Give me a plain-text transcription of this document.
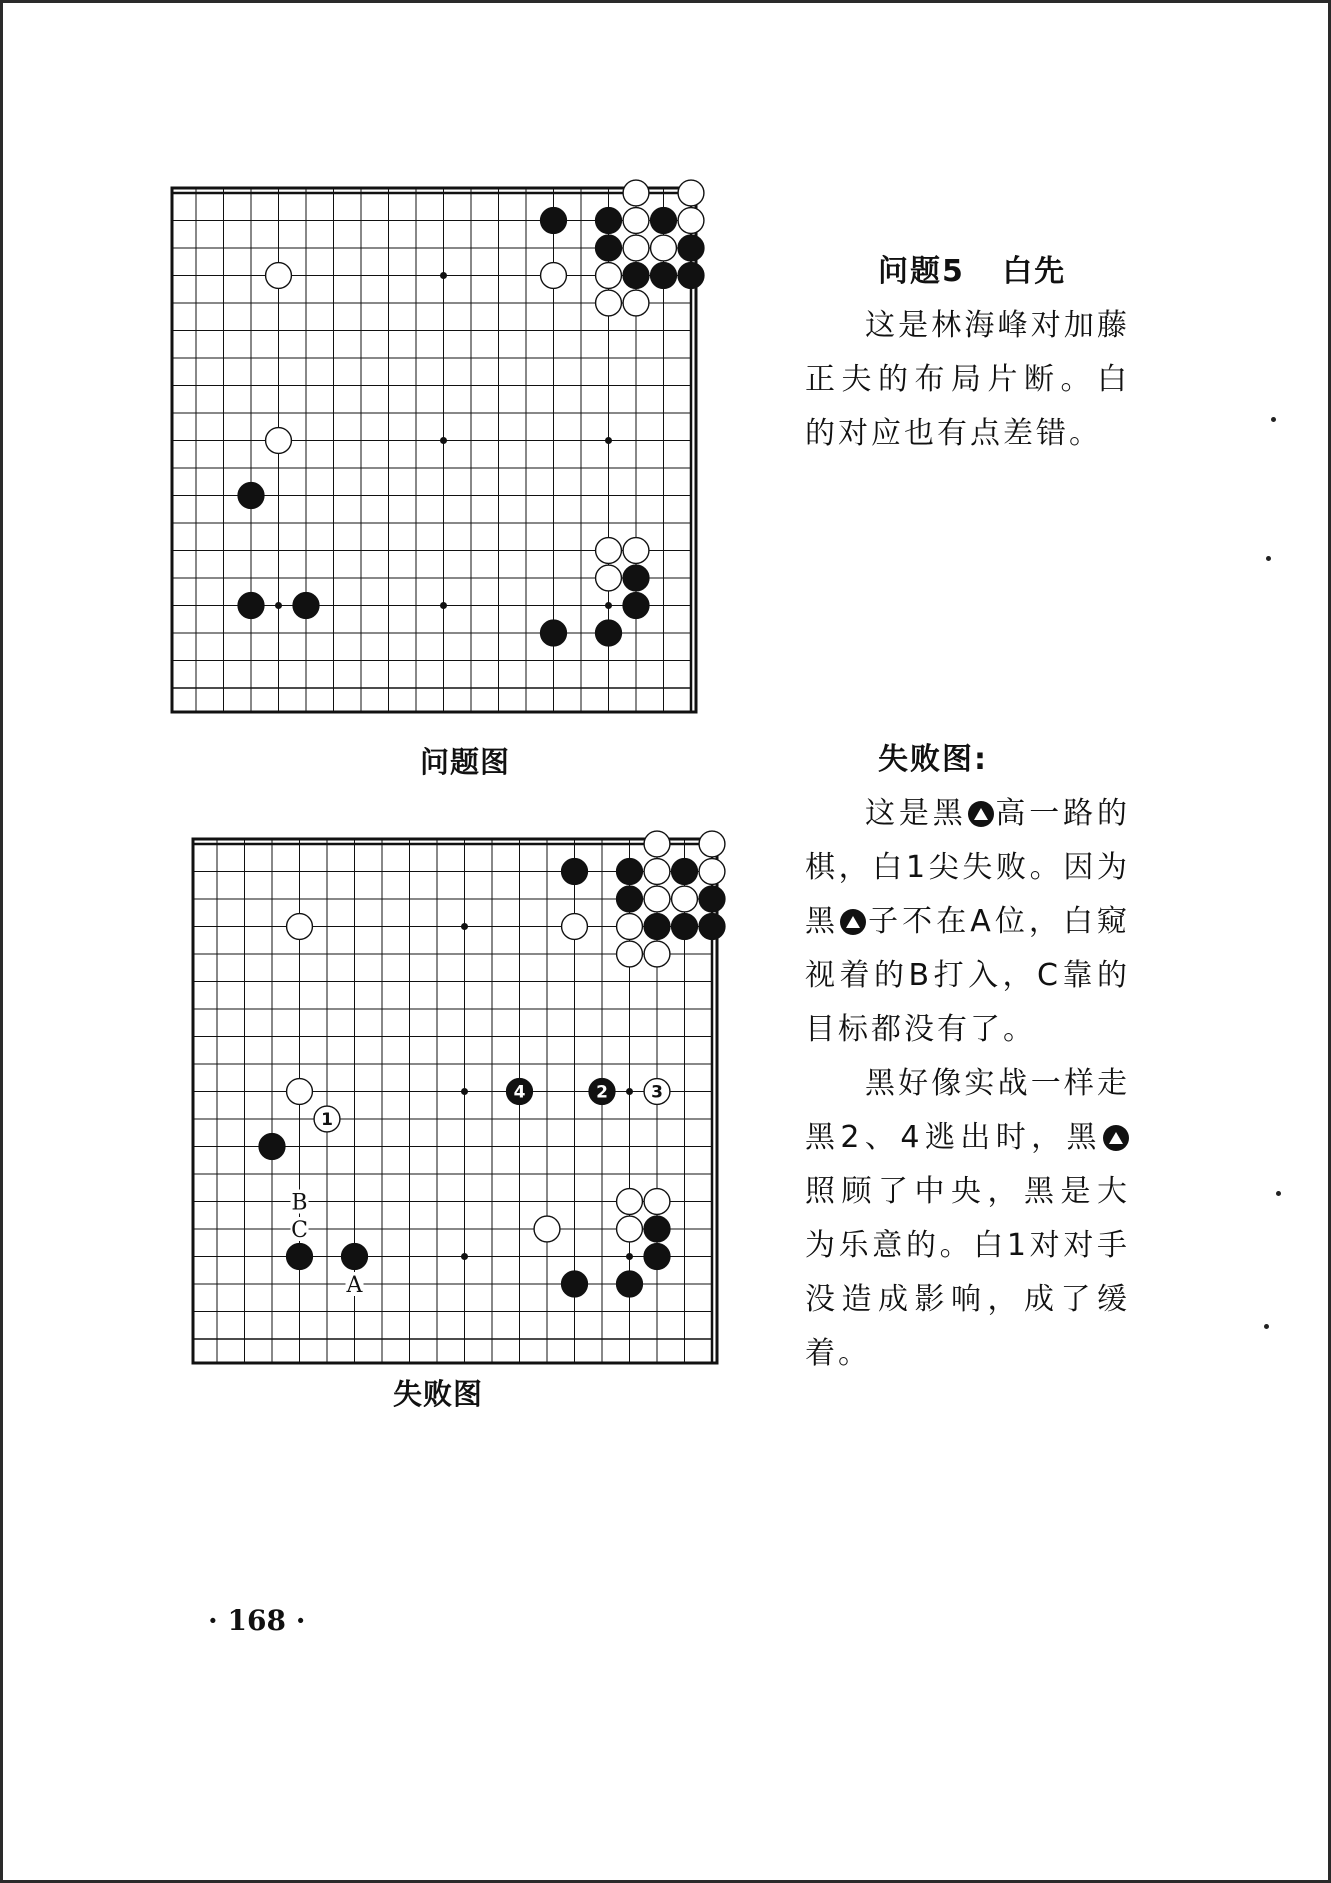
问题图
1
4	2	3
B
C
A
失败图
问题5 白先

这是林海峰对加藤正夫的布局片断。白的对应也有点差错。

失败图:

这是黑 高一路的棋，白1尖失败。因为黑 子不在A位，白窥视着的B打入，C靠的目标都没有了。

黑好像实战一样走黑2、4逃出时，黑照顾了中央，黑是大为乐意的。白1对对手没造成影响，成了缓着。

· 168 ·
